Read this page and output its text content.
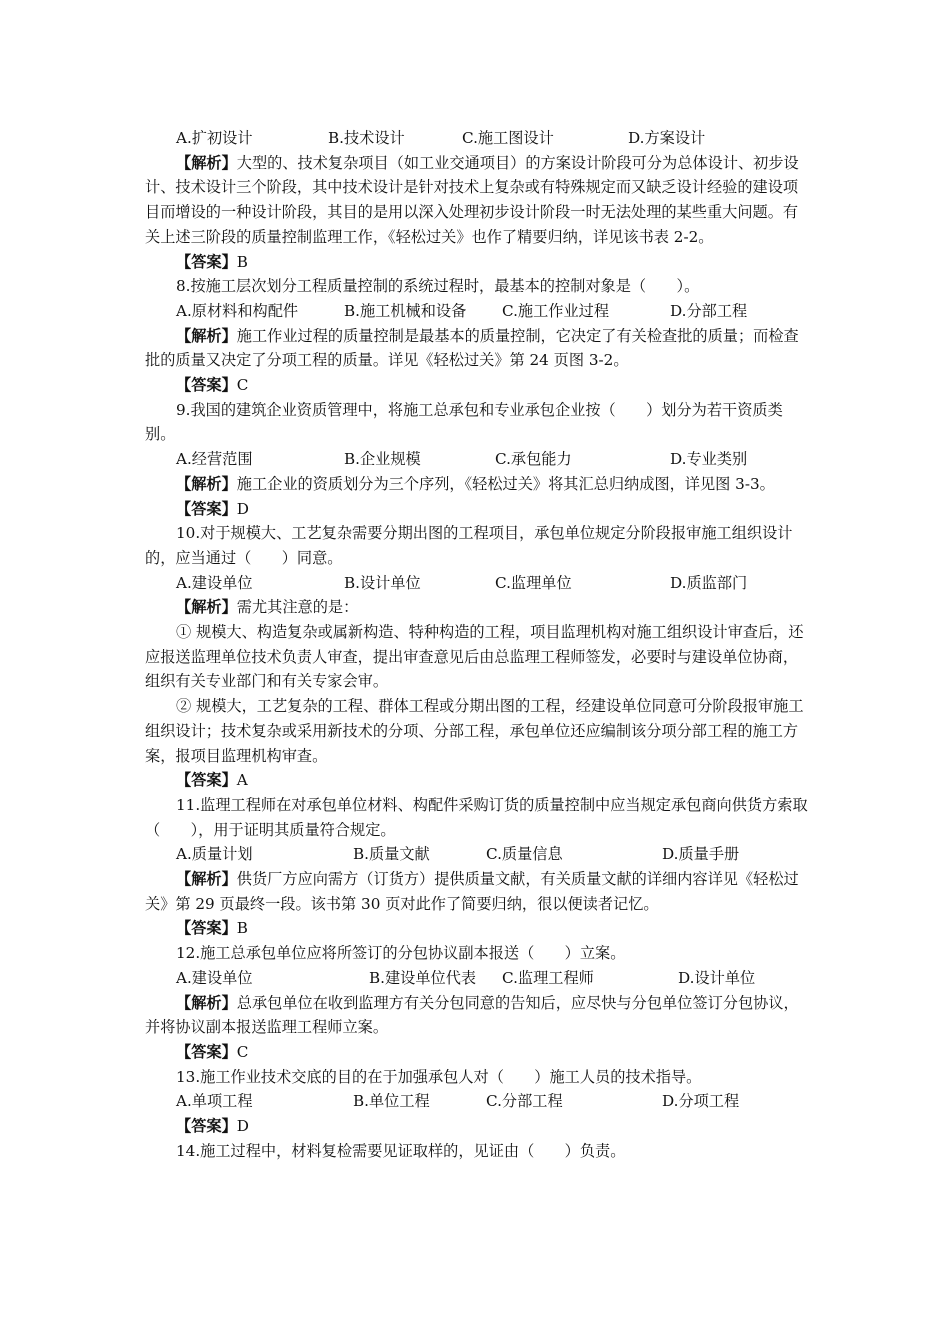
A.扩初设计	B.技术设计	C.施工图设计	D.方案设计

【解析】大型的、技术复杂项目（如工业交通项目）的方案设计阶段可分为总体设计、初步设计、技术设计三个阶段，其中技术设计是针对技术上复杂或有特殊规定而又缺乏设计经验的建设项目而增设的一种设计阶段，其目的是用以深入处理初步设计阶段一时无法处理的某些重大问题。有关上述三阶段的质量控制监理工作，《轻松过关》也作了精要归纳，详见该书表 2-2。

【答案】B

8.按施工层次划分工程质量控制的系统过程时，最基本的控制对象是（　　）。

A.原材料和构配件	B.施工机械和设备 C.施工作业过程	D.分部工程

【解析】施工作业过程的质量控制是最基本的质量控制，它决定了有关检查批的质量；而检查批的质量又决定了分项工程的质量。详见《轻松过关》第 24 页图 3-2。

【答案】C

9.我国的建筑企业资质管理中，将施工总承包和专业承包企业按（　　）划分为若干资质类别。

A.经营范围	B.企业规模	C.承包能力	D.专业类别

【解析】施工企业的资质划分为三个序列，《轻松过关》将其汇总归纳成图，详见图 3-3。

【答案】D

10.对于规模大、工艺复杂需要分期出图的工程项目，承包单位规定分阶段报审施工组织设计的，应当通过（　　）同意。

A.建设单位	B.设计单位	C.监理单位	D.质监部门

【解析】需尤其注意的是：

① 规模大、构造复杂或属新构造、特种构造的工程，项目监理机构对施工组织设计审查后，还应报送监理单位技术负责人审查，提出审查意见后由总监理工程师签发，必要时与建设单位协商，组织有关专业部门和有关专家会审。

② 规模大，工艺复杂的工程、群体工程或分期出图的工程，经建设单位同意可分阶段报审施工组织设计；技术复杂或采用新技术的分项、分部工程，承包单位还应编制该分项分部工程的施工方案，报项目监理机构审查。

【答案】A

11.监理工程师在对承包单位材料、构配件采购订货的质量控制中应当规定承包商向供货方索取（　　），用于证明其质量符合规定。

A.质量计划	B.质量文献	C.质量信息	D.质量手册

【解析】供货厂方应向需方（订货方）提供质量文献，有关质量文献的详细内容详见《轻松过关》第 29 页最终一段。该书第 30 页对此作了简要归纳，很以便读者记忆。

【答案】B

12.施工总承包单位应将所签订的分包协议副本报送（　　）立案。

A.建设单位	B.建设单位代表 C.监理工程师	D.设计单位

【解析】总承包单位在收到监理方有关分包同意的告知后，应尽快与分包单位签订分包协议，并将协议副本报送监理工程师立案。

【答案】C

13.施工作业技术交底的目的在于加强承包人对（　　）施工人员的技术指导。

A.单项工程	B.单位工程	C.分部工程	D.分项工程

【答案】D

14.施工过程中，材料复检需要见证取样的，见证由（　　）负责。
